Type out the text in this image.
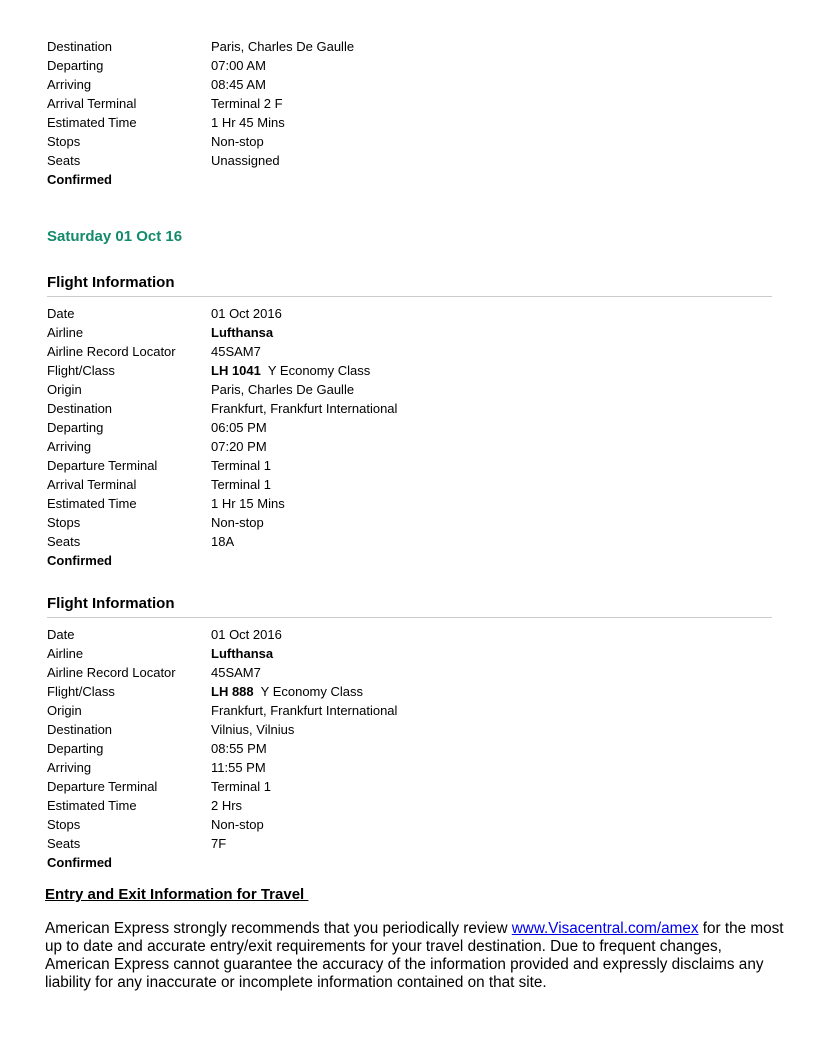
Destination	Paris, Charles De Gaulle
Departing	07:00 AM
Arriving	08:45 AM
Arrival Terminal	Terminal 2 F
Estimated Time	1 Hr 45 Mins
Stops	Non-stop
Seats	Unassigned
Confirmed
Saturday 01 Oct 16
Flight Information
Date	01 Oct 2016
Airline	Lufthansa
Airline Record Locator	45SAM7
Flight/Class	LH 1041 Y Economy Class
Origin	Paris, Charles De Gaulle
Destination	Frankfurt, Frankfurt International
Departing	06:05 PM
Arriving	07:20 PM
Departure Terminal	Terminal 1
Arrival Terminal	Terminal 1
Estimated Time	1 Hr 15 Mins
Stops	Non-stop
Seats	18A
Confirmed
Flight Information
Date	01 Oct 2016
Airline	Lufthansa
Airline Record Locator	45SAM7
Flight/Class	LH 888 Y Economy Class
Origin	Frankfurt, Frankfurt International
Destination	Vilnius, Vilnius
Departing	08:55 PM
Arriving	11:55 PM
Departure Terminal	Terminal 1
Estimated Time	2 Hrs
Stops	Non-stop
Seats	7F
Confirmed
Entry and Exit Information for Travel

American Express strongly recommends that you periodically review www.Visacentral.com/amex for the most up to date and accurate entry/exit requirements for your travel destination. Due to frequent changes, American Express cannot guarantee the accuracy of the information provided and expressly disclaims any liability for any inaccurate or incomplete information contained on that site.
